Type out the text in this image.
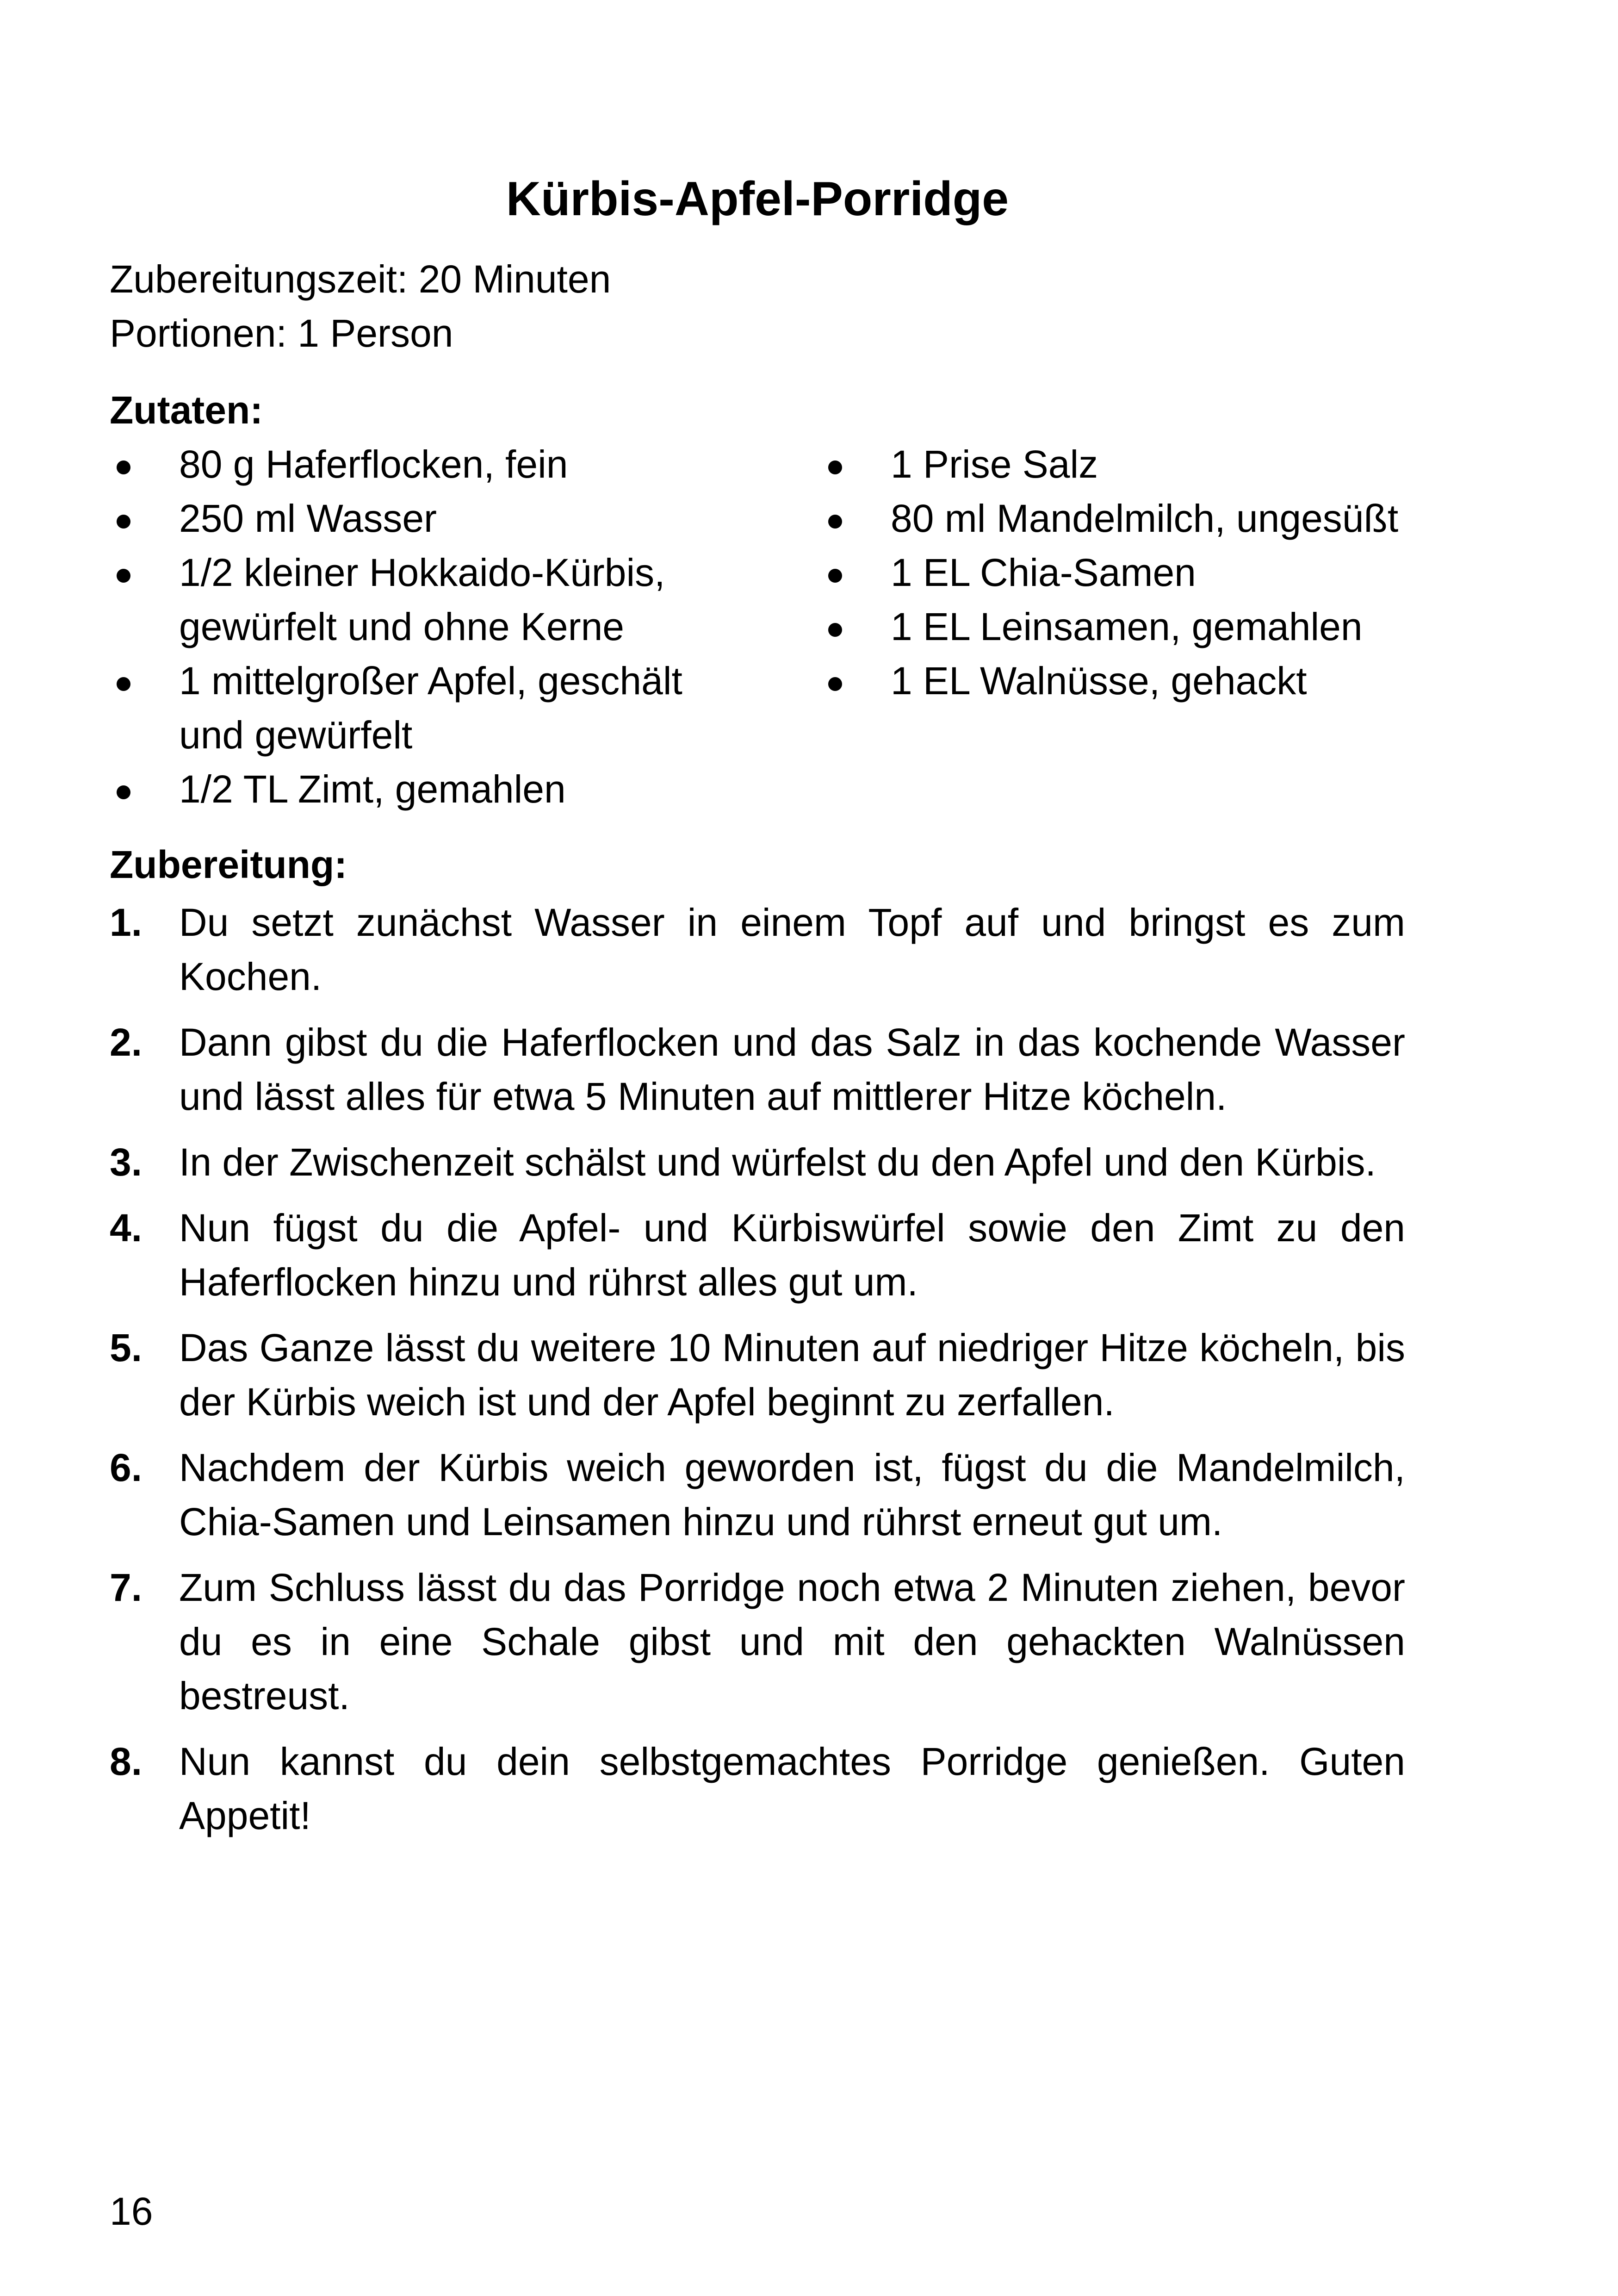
Kürbis-Apfel-Porridge
Zubereitungszeit: 20 Minuten
Portionen: 1 Person
Zutaten:
80 g Haferflocken, fein
250 ml Wasser
1/2 kleiner Hokkaido-Kürbis, gewürfelt und ohne Kerne
1 mittelgroßer Apfel, geschält und gewürfelt
1/2 TL Zimt, gemahlen
1 Prise Salz
80 ml Mandelmilch, ungesüßt
1 EL Chia-Samen
1 EL Leinsamen, gemahlen
1 EL Walnüsse, gehackt
Zubereitung:
1. Du setzt zunächst Wasser in einem Topf auf und bringst es zum Kochen.
2. Dann gibst du die Haferflocken und das Salz in das kochende Wasser und lässt alles für etwa 5 Minuten auf mittlerer Hitze köcheln.
3. In der Zwischenzeit schälst und würfelst du den Apfel und den Kürbis.
4. Nun fügst du die Apfel- und Kürbiswürfel sowie den Zimt zu den Haferflocken hinzu und rührst alles gut um.
5. Das Ganze lässt du weitere 10 Minuten auf niedriger Hitze köcheln, bis der Kürbis weich ist und der Apfel beginnt zu zerfallen.
6. Nachdem der Kürbis weich geworden ist, fügst du die Mandelmilch, Chia-Samen und Leinsamen hinzu und rührst erneut gut um.
7. Zum Schluss lässt du das Porridge noch etwa 2 Minuten ziehen, bevor du es in eine Schale gibst und mit den gehackten Walnüssen bestreust.
8. Nun kannst du dein selbstgemachtes Porridge genießen. Guten Appetit!
16
